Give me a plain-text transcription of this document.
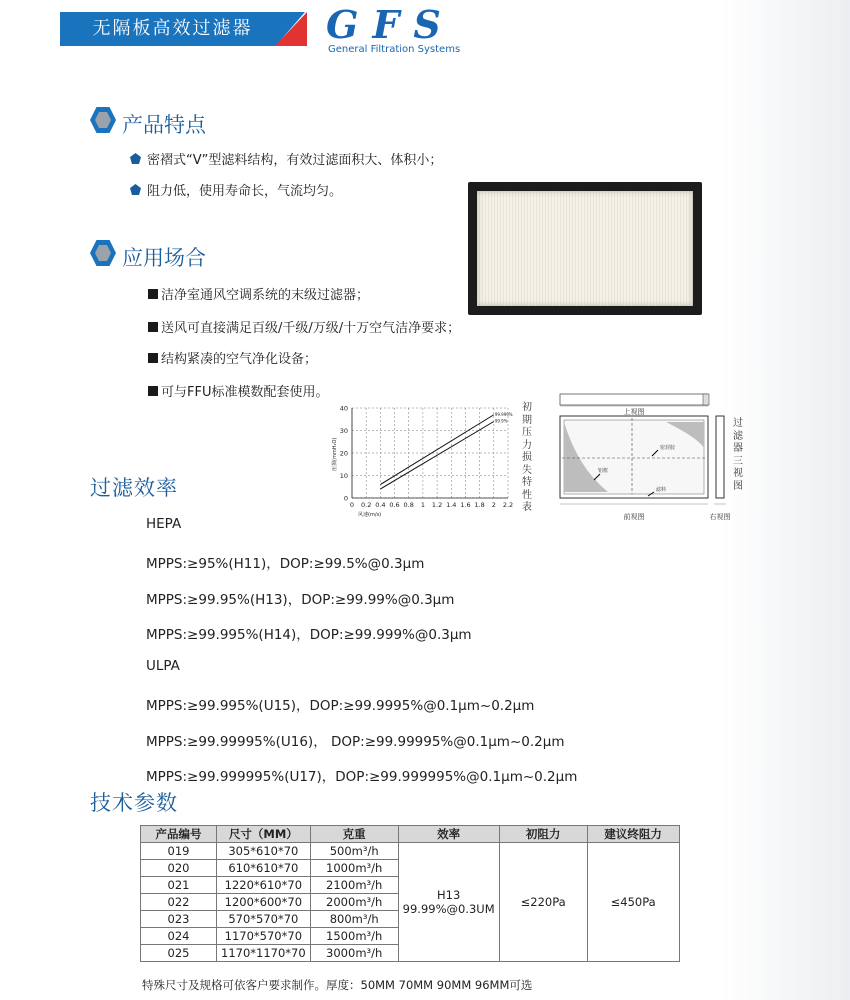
无隔板高效过滤器	GFS
General Filtration Systems
产品特点
密褶式“V”型滤料结构，有效过滤面积大、体积小；
阻力低，使用寿命长，气流均匀。
应用场合
洁净室通风空调系统的末级过滤器；
送风可直接满足百级/千级/万级/十万空气洁净要求；
结构紧凑的空气净化设备；
可与FFU标准模数配套使用。
0 0.2 0.4 0.6 0.8 1 1.2 1.4 1.6 1.8 2 2.2
0
10
20
30
40
风速(m/s)
压损(mmH₂O)
99.999%
99.9%
初
期
压
力
损
失
特
性
表
上视图
铝框
密封胶
滤料
前视图	右视图
过
滤
器
三
视
图
过滤效率
HEPA
MPPS:≥95%(H11)，DOP:≥99.5%@0.3μm
MPPS:≥99.95%(H13)，DOP:≥99.99%@0.3μm
MPPS:≥99.995%(H14)，DOP:≥99.999%@0.3μm
ULPA
MPPS:≥99.995%(U15)，DOP:≥99.9995%@0.1μm~0.2μm
MPPS:≥99.99995%(U16)， DOP:≥99.99995%@0.1μm~0.2μm
MPPS:≥99.999995%(U17)，DOP:≥99.999995%@0.1μm~0.2μm
技术参数
产品编号	尺寸（MM）	克重	效率	初阻力	建议终阻力
019	305*610*70	500m³/h	H13
99.99%@0.3UM	≤220Pa	≤450Pa
020	610*610*70	1000m³/h			
021	1220*610*70	2100m³/h			
022	1200*600*70	2000m³/h			
023	570*570*70	800m³/h			
024	1170*570*70	1500m³/h			
025	1170*1170*70	3000m³/h			
特殊尺寸及规格可依客户要求制作。厚度：50MM 70MM 90MM 96MM可选
